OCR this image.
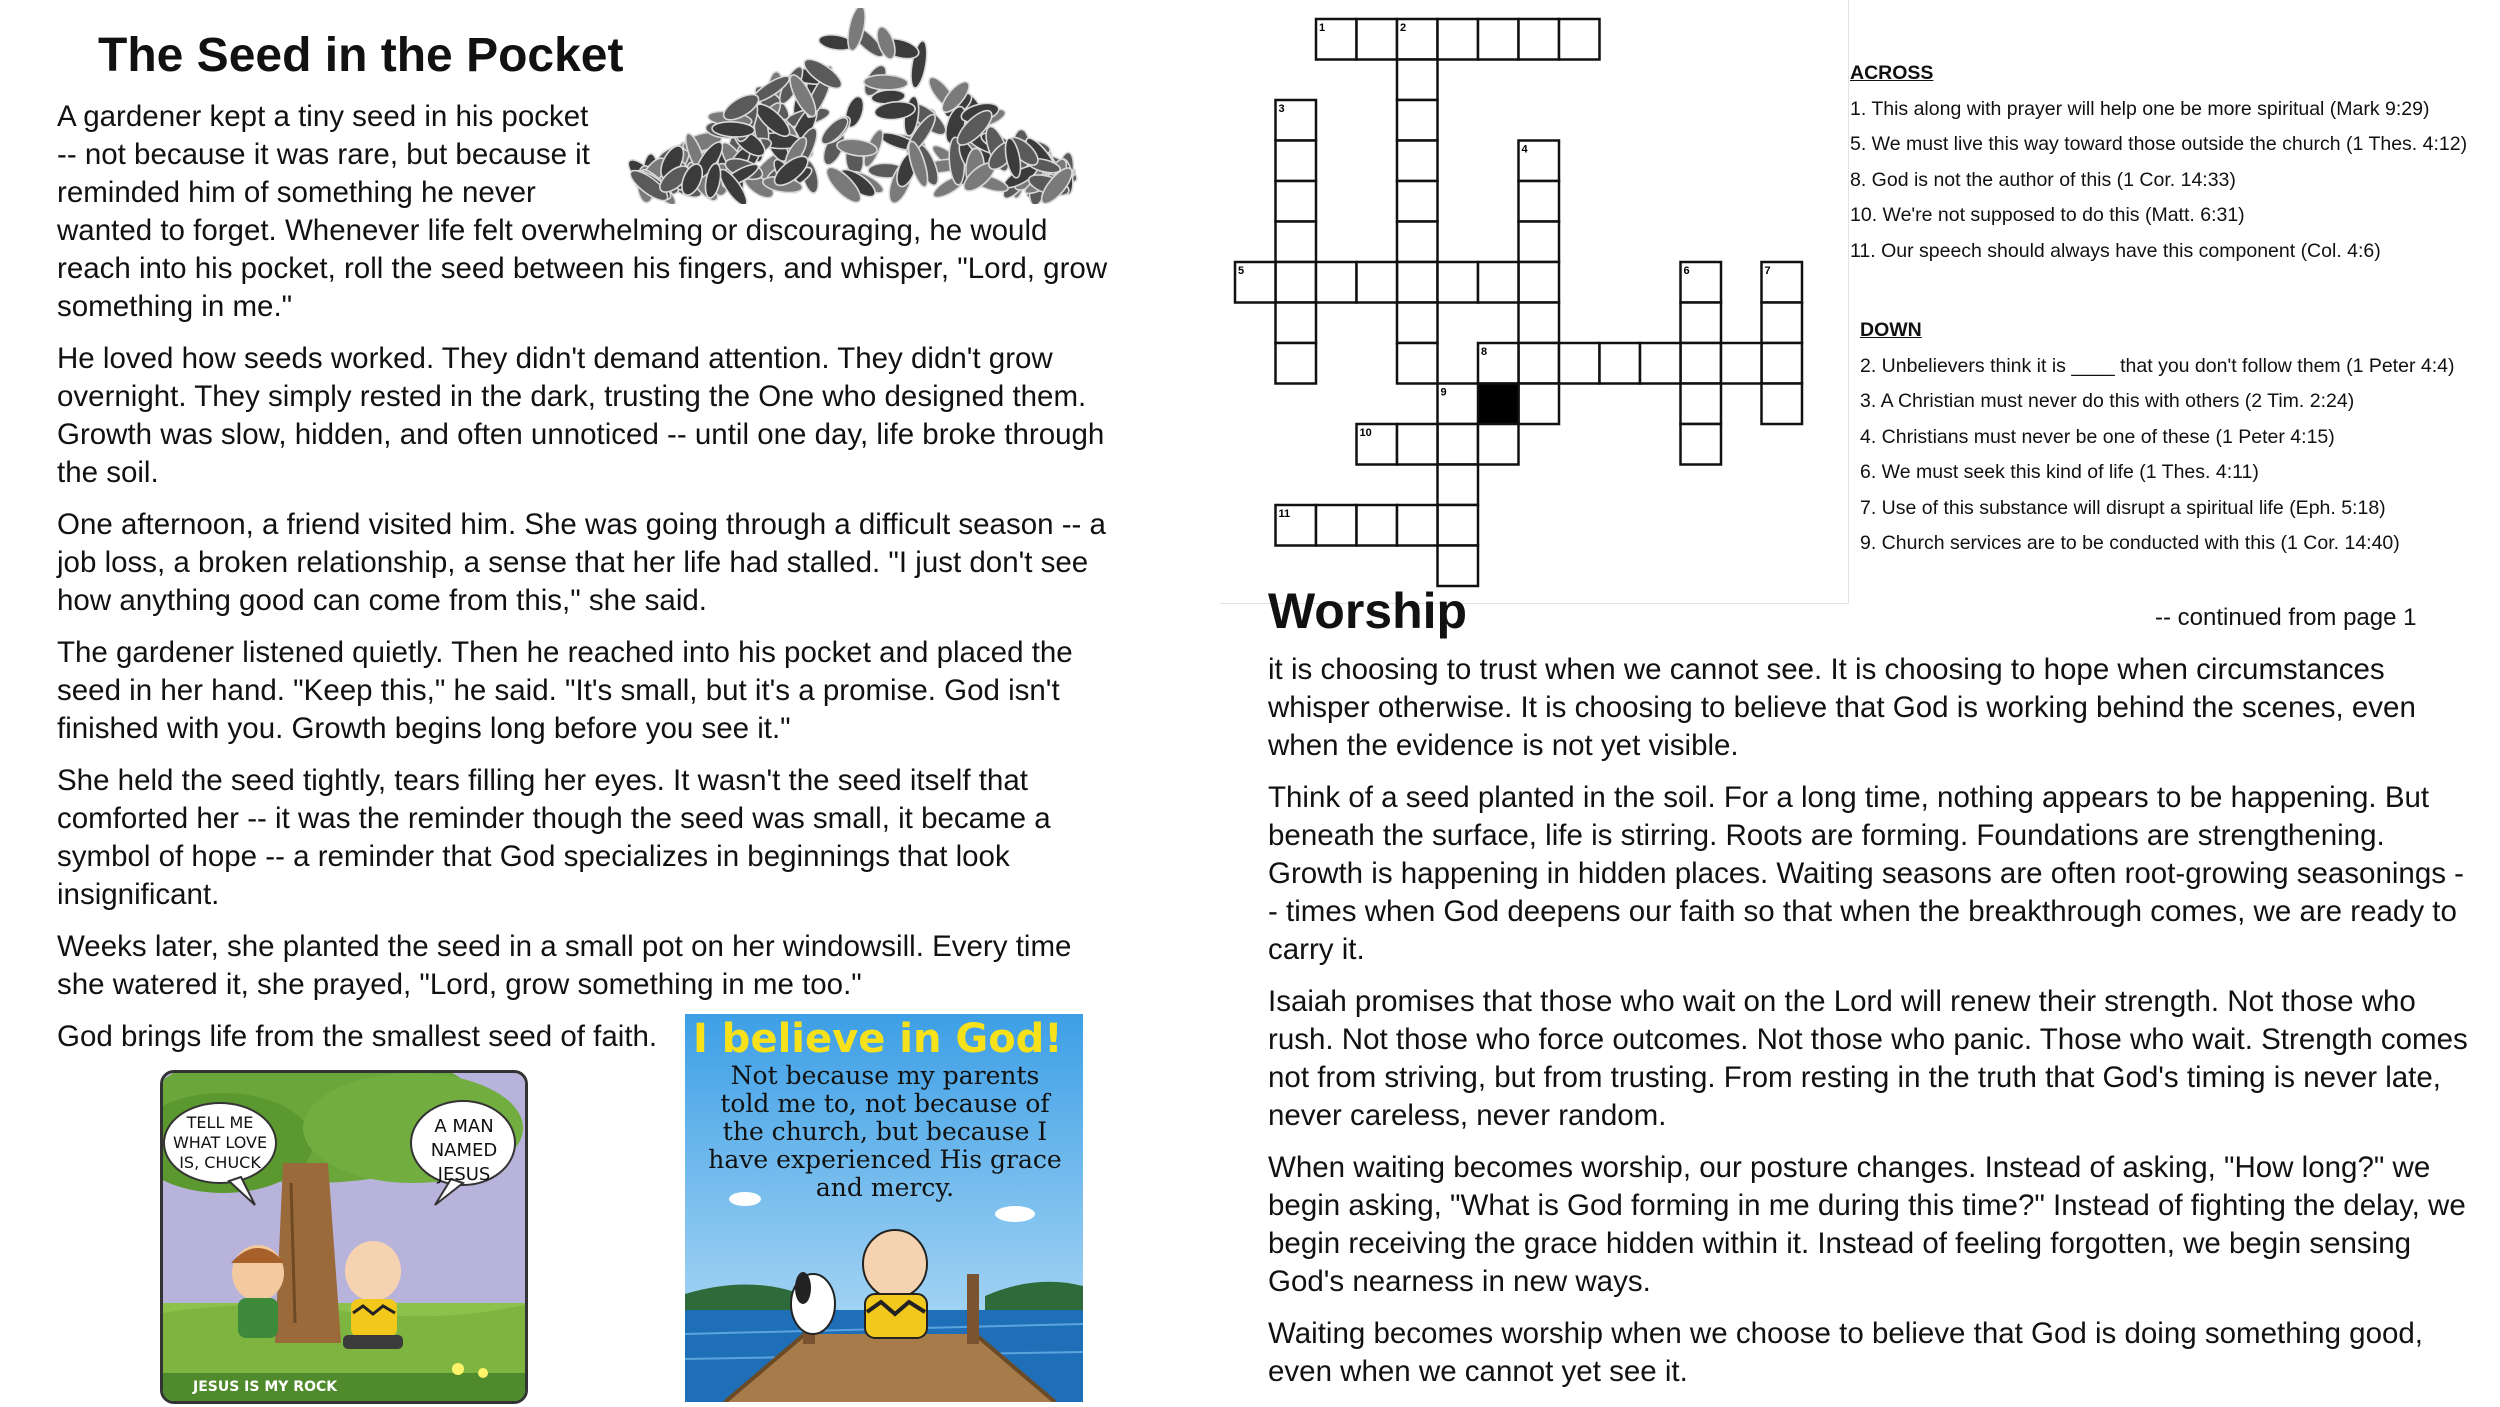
The Seed in the Pocket

A gardener kept a tiny seed in his pocket -- not because it was rare, but because it reminded him of something he never wanted to forget. Whenever life felt overwhelming or discouraging, he would reach into his pocket, roll the seed between his fingers, and whisper, "Lord, grow something in me."

He loved how seeds worked. They didn't demand attention. They didn't grow overnight. They simply rested in the dark, trusting the One who designed them. Growth was slow, hidden, and often unnoticed -- until one day, life broke through the soil.

One afternoon, a friend visited him. She was going through a difficult season -- a job loss, a broken relationship, a sense that her life had stalled. "I just don't see how anything good can come from this," she said.

The gardener listened quietly. Then he reached into his pocket and placed the seed in her hand. "Keep this," he said. "It's small, but it's a promise. God isn't finished with you. Growth begins long before you see it."

She held the seed tightly, tears filling her eyes. It wasn't the seed itself that comforted her -- it was the reminder though the seed was small, it became a symbol of hope -- a reminder that God specializes in beginnings that look insignificant.

Weeks later, she planted the seed in a small pot on her windowsill. Every time she watered it, she prayed, "Lord, grow something in me too."

God brings life from the smallest seed of faith.
TELL ME WHAT LOVE IS, CHUCK
A MAN NAMED JESUS
JESUS IS MY ROCK
I believe in God!
Not because my parents told me to, not because of the church, but because I have experienced His grace and mercy.
1	2
3
4
5	6	7
8
9
10
11
ACROSS
1. This along with prayer will help one be more spiritual (Mark 9:29)
5. We must live this way toward those outside the church (1 Thes. 4:12)
8. God is not the author of this (1 Cor. 14:33)
10. We're not supposed to do this (Matt. 6:31)
11. Our speech should always have this component (Col. 4:6)
DOWN
2. Unbelievers think it is ____ that you don't follow them (1 Peter 4:4)
3. A Christian must never do this with others (2 Tim. 2:24)
4. Christians must never be one of these (1 Peter 4:15)
6. We must seek this kind of life (1 Thes. 4:11)
7. Use of this substance will disrupt a spiritual life (Eph. 5:18)
9. Church services are to be conducted with this (1 Cor. 14:40)
Worship	-- continued from page 1

it is choosing to trust when we cannot see. It is choosing to hope when circumstances whisper otherwise. It is choosing to believe that God is working behind the scenes, even when the evidence is not yet visible.

Think of a seed planted in the soil. For a long time, nothing appears to be happening. But beneath the surface, life is stirring. Roots are forming. Foundations are strengthening. Growth is happening in hidden places. Waiting seasons are often root-growing seasonings -- times when God deepens our faith so that when the breakthrough comes, we are ready to carry it.

Isaiah promises that those who wait on the Lord will renew their strength. Not those who rush. Not those who force outcomes. Not those who panic. Those who wait. Strength comes not from striving, but from trusting. From resting in the truth that God's timing is never late, never careless, never random.

When waiting becomes worship, our posture changes. Instead of asking, "How long?" we begin asking, "What is God forming in me during this time?" Instead of fighting the delay, we begin receiving the grace hidden within it. Instead of feeling forgotten, we begin sensing God's nearness in new ways.

Waiting becomes worship when we choose to believe that God is doing something good, even when we cannot yet see it.
